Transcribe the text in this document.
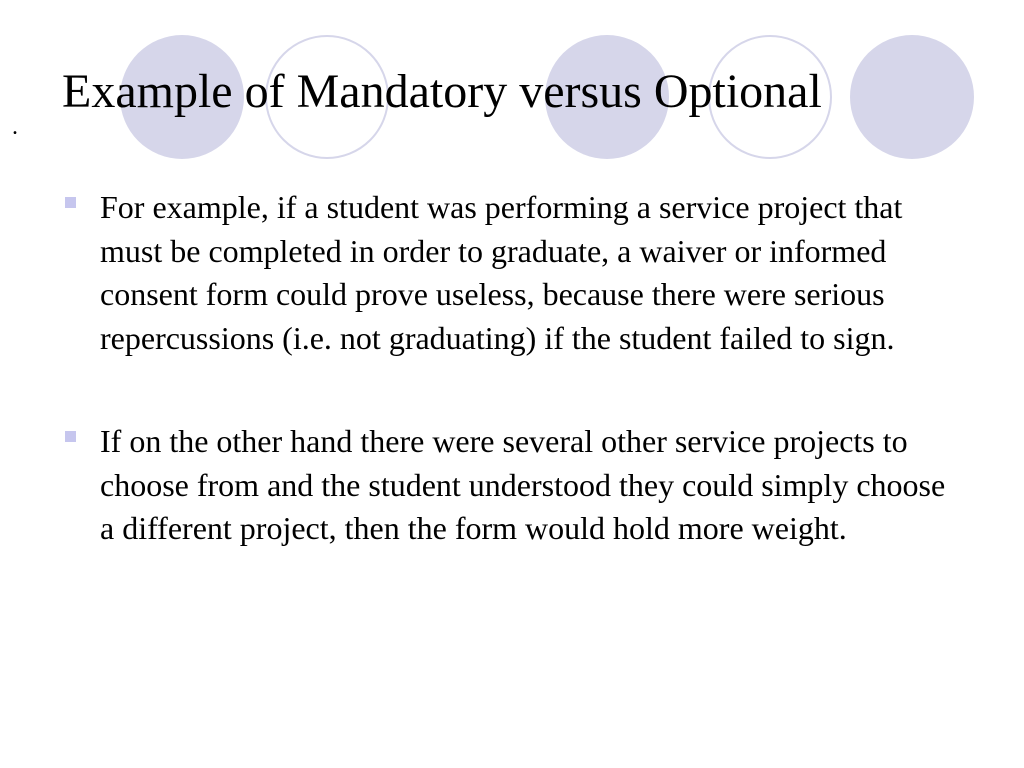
.
Example of Mandatory versus Optional
For example, if a student was performing a service project that must be completed in order to graduate, a waiver or informed consent form could prove useless, because there were serious repercussions (i.e. not graduating) if the student failed to sign.
If on the other hand there were several other service projects to choose from and the student understood they could simply choose a different project, then the form would hold more weight.
